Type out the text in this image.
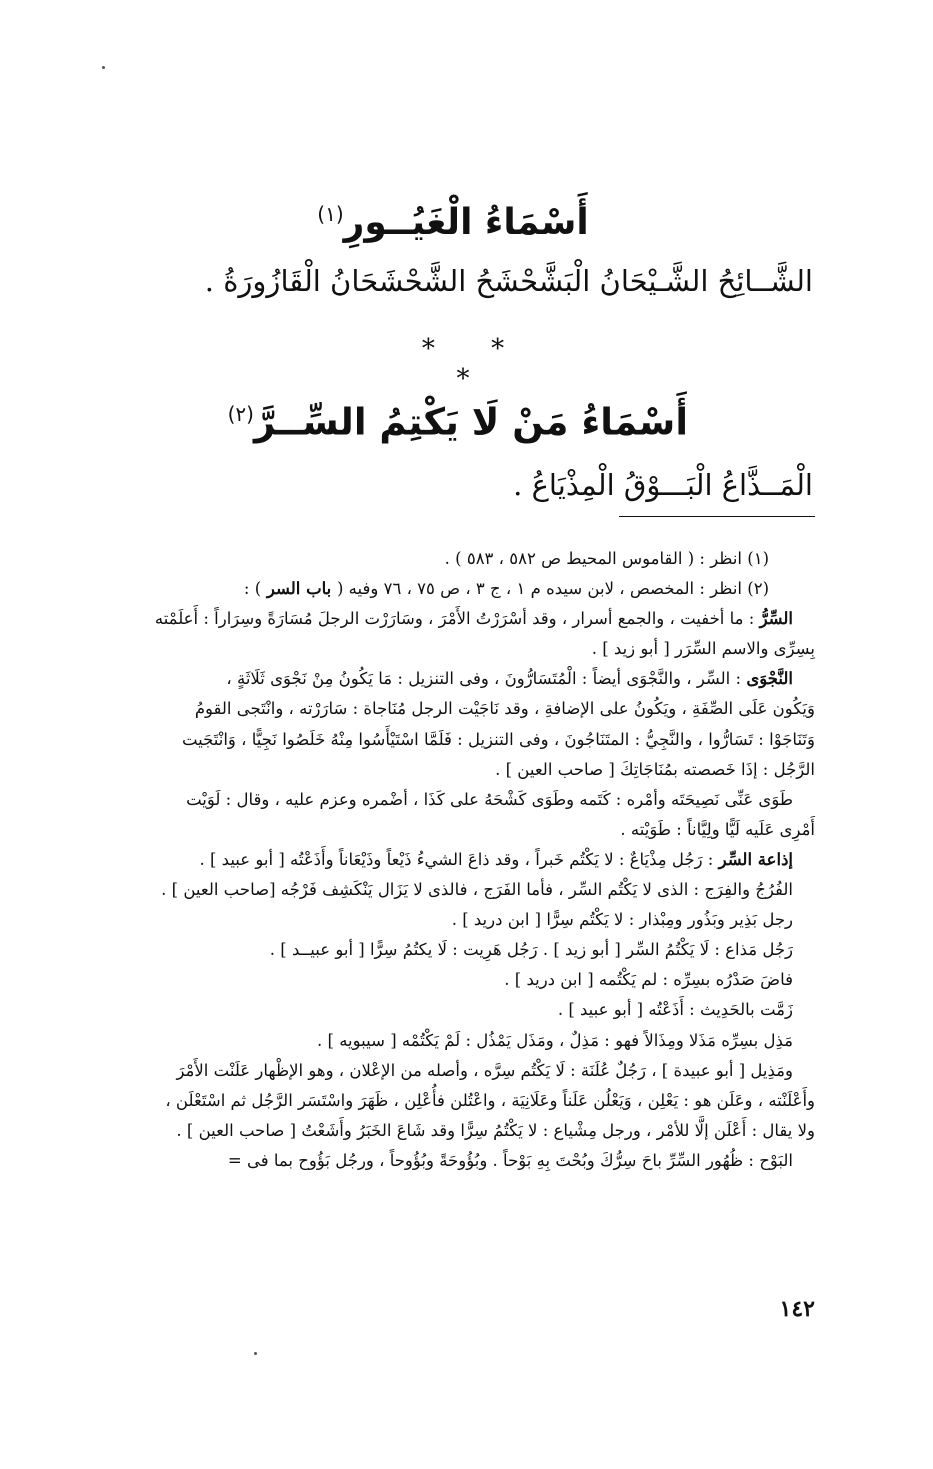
أَسْمَاءُ الْغَيُــورِ$^{(١)}$
الشَّــائِحُ الشَّـيْحَانُ الْبَشَّحْشَحُ الشَّحْشَحَانُ الْقَازُورَةُ .
* * *
أَسْمَاءُ مَنْ لَا يَكْتِمُ السِّــرَّ$^{(٢)}$
الْمَــذَّاعُ الْبَـــوْقُ الْمِذْيَاعُ .

(١) انظر : ( القاموس المحيط ص ٥٨٢ ، ٥٨٣ ) .

(٢) انظر : المخصص ، لابن سيده م ١ ، ج ٣ ، ص ٧٥ ، ٧٦ وفيه ( باب السر ) :

السِّرُّ : ما أخفيت ، والجمع أسرار ، وقد أسْرَرْتُ الأَمْرَ ، وسَارَرْت الرجلَ مُسَارَةً وسِرَاراً : أَعلَمْته

بِسِرِّى والاسم السِّرَر [ أبو زيد ] .

النَّجْوَى : السِّر ، والنَّجْوَى أيضاً : الْمُتَسَارُّونَ ، وفى التنزيل : مَا يَكُونُ مِنْ نَجْوَى ثَلَاثَةٍ ،

وَيَكُون عَلَى الصِّفَةِ ، ويَكُونُ على الإضافةِ ، وقد نَاجَيْت الرجل مُنَاجاة : سَارَرْته ، وانْتَجى القومُ

وَتَنَاجَوْا : تَسَارُّوا ، والنَّجِيُّ : المتَنَاجُونَ ، وفى التنزيل : فَلَمَّا اسْتَيْأَسُوا مِنْهُ خَلَصُوا نَجِيًّا ، وَانْتَجَيت

الرَّجُل : إذَا خَصصته بمُنَاجَاتِكَ [ صاحب العين ] .

طَوَى عَنِّى نَصِيحَتَه وأمْره : كَتَمه وطَوَى كَشْحَهُ على كَذَا ، أضْمره وعزم عليه ، وقال : لَوَيْت

أَمْرِى عَلَيه لَيًّا ولِيَّاناً : طَوَيْته .

إذاعة السِّر : رَجُل مِذْيَاعٌ : لا يَكْتُم خَبراً ، وقد ذاعَ الشيءُ ذَيْعاً وذَيْعَاناً وأَذَعْتُه [ أبو عبيد ] .

الفُرُجُ والفِرَج : الذى لا يَكْتُم السِّر ، فأما الفَرَج ، فالذى لا يَزَال يَنْكَشِف فَرْجُه [صاحب العين ] .

رجل بَذِير وبَذُور ومِبْذار : لا يَكْتُم سِرًّا [ ابن دريد ] .

رَجُل مَذاع : لَا يَكْتُمُ السِّر [ أبو زيد ] . رَجُل هَرِيت : لَا يكتُمُ سِرًّا [ أبو عبيــد ] .

فاضَ صَدْرُه بسِرِّه : لم يَكْتُمه [ ابن دريد ] .

زَمَّت بالحَدِيث : أَذَعْتُه [ أبو عبيد ] .

مَذِل بسِرِّه مَذَلا ومِذَالاً فهو : مَذِلٌ ، ومَذَل يَمْذُل : لَمْ يَكْتُمْه [ سيبويه ] .

ومَذِيل [ أبو عبيدة ] ، رَجُلٌ عُلَنَة : لَا يَكْتُم سِرَّه ، وأصله من الإعْلان ، وهو الإظْهار عَلَنْت الأَمْرَ

وأَعْلَنْته ، وعَلَن هو : يَعْلِن ، وَيَعْلُن عَلَناً وعَلَانِيَة ، واعْتُلن فأُعْلِن ، ظَهَرَ واسْتَسَر الرَّجُل ثم اسْتَعْلَن ،

ولا يقال : أَعْلَن إلَّا للأمْر ، ورجل مِشْياع : لا يَكْتُمُ سِرًّا وقد شَاعَ الخَبَرُ وأَشَعْتُ [ صاحب العين ] .

البَوْح : ظُهُور السِّرِّ باحَ سِرُّكَ وبُحْتَ بِهِ بَوْحاً . وبُؤُوحَةً وبُؤُوحاً ، ورجُل بَؤُوح بما فى =

١٤٢
